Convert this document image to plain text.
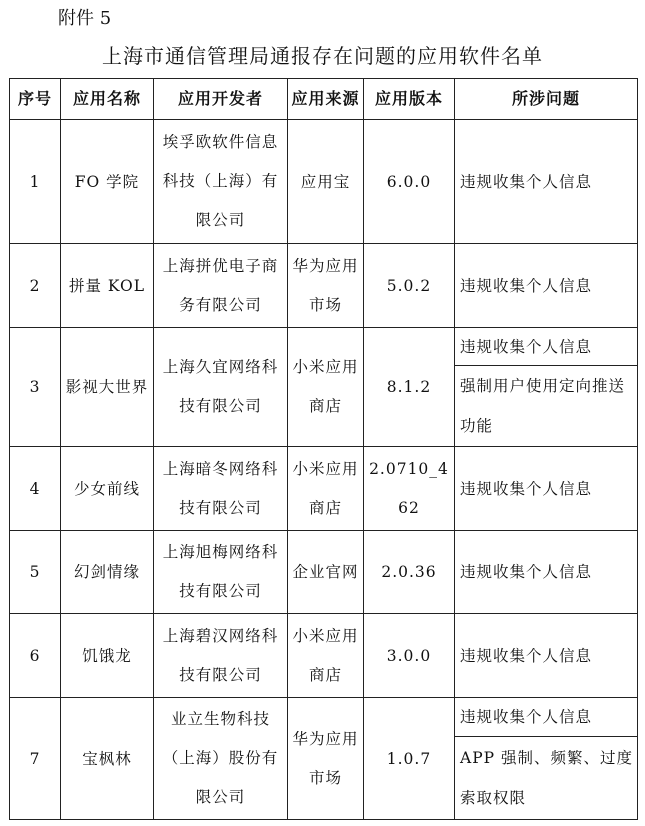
附件 5
上海市通信管理局通报存在问题的应用软件名单
序号	应用名称	应用开发者	应用来源	应用版本	所涉问题
1	FO 学院	埃孚欧软件信息科技（上海）有限公司	应用宝	6.0.0	违规收集个人信息
2	拼量 KOL	上海拼优电子商务有限公司	华为应用市场	5.0.2	违规收集个人信息
3	影视大世界	上海久宜网络科技有限公司	小米应用商店	8.1.2	违规收集个人信息
					强制用户使用定向推送功能
4	少女前线	上海暗冬网络科技有限公司	小米应用商店	2.0710_462	违规收集个人信息
5	幻剑情缘	上海旭梅网络科技有限公司	企业官网	2.0.36	违规收集个人信息
6	饥饿龙	上海碧汉网络科技有限公司	小米应用商店	3.0.0	违规收集个人信息
7	宝枫林	业立生物科技（上海）股份有限公司	华为应用市场	1.0.7	违规收集个人信息
					APP 强制、频繁、过度索取权限
